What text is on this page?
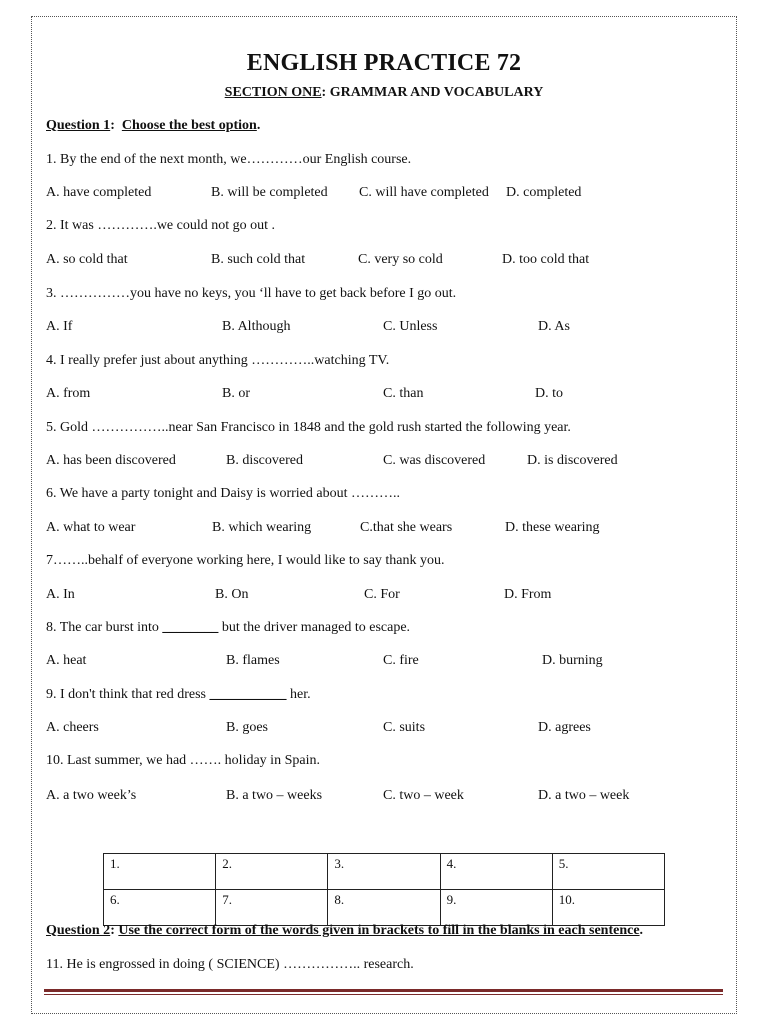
ENGLISH PRACTICE 72
SECTION ONE: GRAMMAR AND VOCABULARY
Question 1: Choose the best option.
1. By the end of the next month, we…………our English course.
A. have completed	B. will be completed C. will have completed D. completed
2. It was ………….we could not go out .
A. so cold that	B. such cold that	C. very so cold	D. too cold that
3. ……………you have no keys, you ‘ll have to get back before I go out.
A. If	B. Although	C. Unless	D. As
4. I really prefer just about anything …………..watching TV.
A. from	B. or	C. than	D. to
5. Gold ……………..near San Francisco in 1848 and the gold rush started the following year.
A. has been discovered	B. discovered	C. was discovered	D. is discovered
6. We have a party tonight and Daisy is worried about ………..
A. what to wear	B. which wearing	C.that she wears	D. these wearing
7……..behalf of everyone working here, I would like to say thank you.
A. In	B. On	C. For	D. From
8. The car burst into ________ but the driver managed to escape.
A. heat	B. flames	C. fire	D. burning
9. I don't think that red dress ___________ her.
A. cheers	B. goes	C. suits	D. agrees
10. Last summer, we had ……. holiday in Spain.
A. a two week’s	B. a two – weeks	C. two – week	D. a two – week
1.	2.	3.	4.	5.
6.	7.	8.	9.	10.
Question 2: Use the correct form of the words given in brackets to fill in the blanks in each sentence.
11. He is engrossed in doing ( SCIENCE) …………….. research.
